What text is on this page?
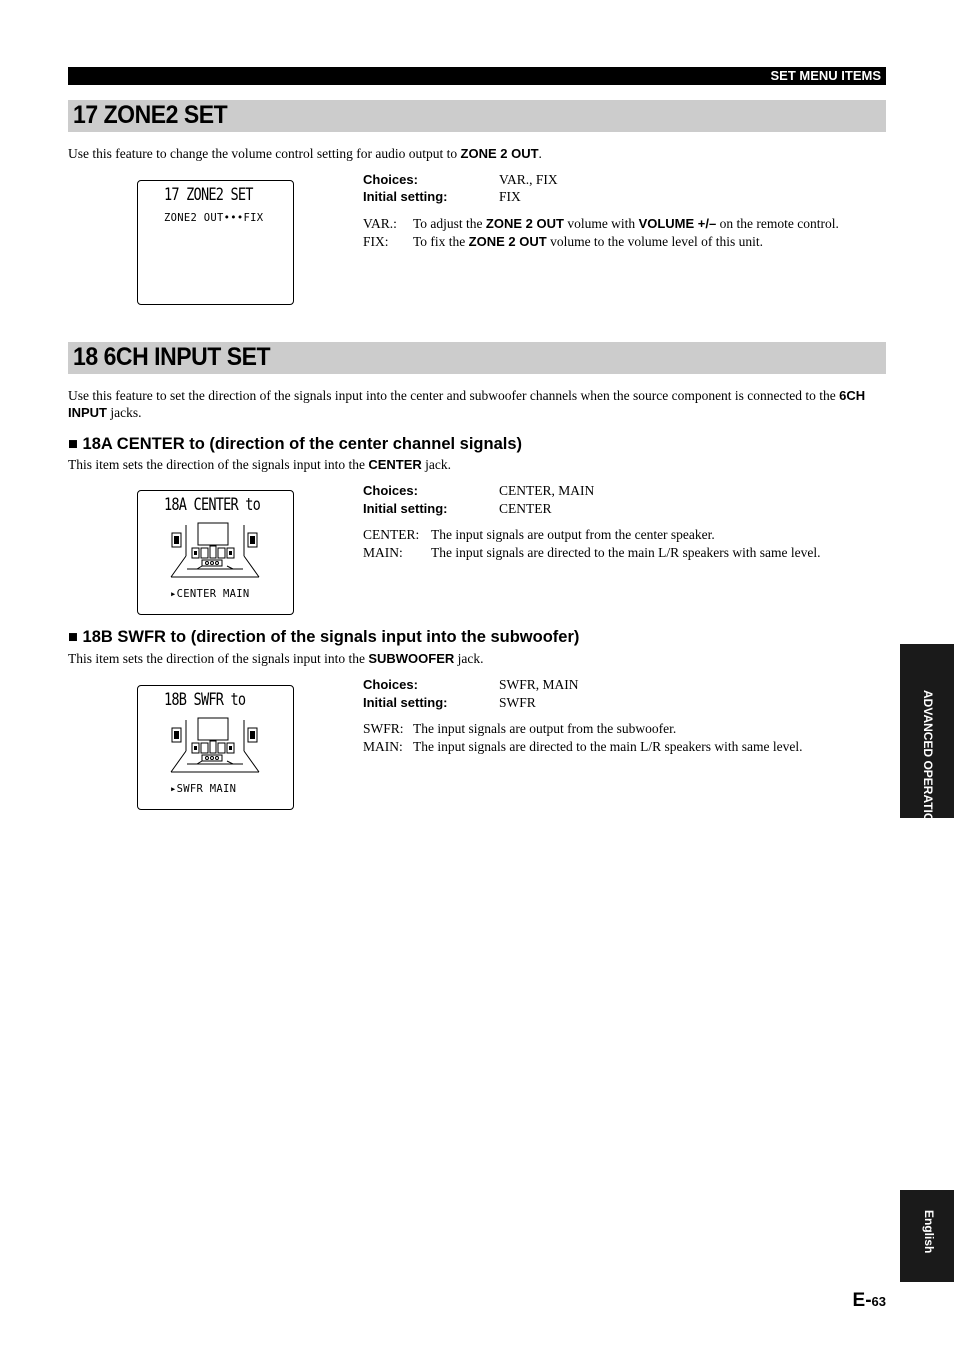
SET MENU ITEMS
17 ZONE2 SET
Use this feature to change the volume control setting for audio output to ZONE 2 OUT.
17 ZONE2 SET
ZONE2 OUT•••FIX
Choices:	VAR., FIX
Initial setting:	FIX
VAR.: To adjust the ZONE 2 OUT volume with VOLUME +/– on the remote control.
FIX: To fix the ZONE 2 OUT volume to the volume level of this unit.
18 6CH INPUT SET
Use this feature to set the direction of the signals input into the center and subwoofer channels when the source component is connected to the 6CH INPUT jacks.
■ 18A CENTER to (direction of the center channel signals)
This item sets the direction of the signals input into the CENTER jack.
18A CENTER to
▸CENTER MAIN
Choices:	CENTER, MAIN
Initial setting:	CENTER
CENTER: The input signals are output from the center speaker.
MAIN: The input signals are directed to the main L/R speakers with same level.
■ 18B SWFR to (direction of the signals input into the subwoofer)
This item sets the direction of the signals input into the SUBWOOFER jack.
18B SWFR to
▸SWFR MAIN
Choices:	SWFR, MAIN
Initial setting:	SWFR
SWFR: The input signals are output from the subwoofer.
MAIN: The input signals are directed to the main L/R speakers with same level.	ADVANCED OPERATION
English
E-63
